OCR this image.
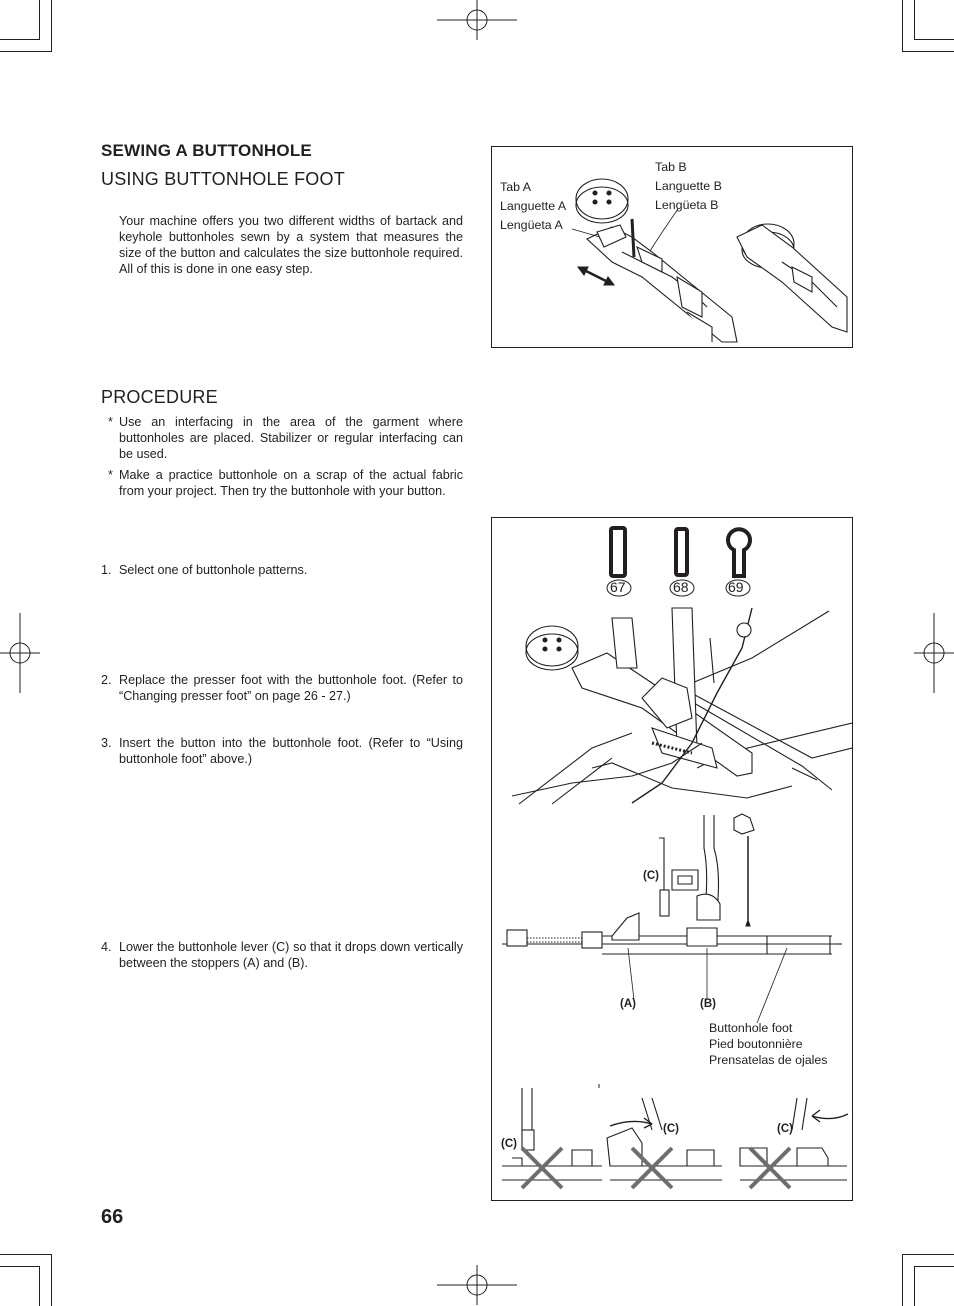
SEWING A BUTTONHOLE
USING BUTTONHOLE FOOT
Your machine offers you two different widths of bartack and keyhole buttonholes sewn by a system that measures the size of the button and calculates the size buttonhole required. All of this is done in one easy step.
Tab A
Languette A
Lengüeta A
Tab B
Languette B
Lengüeta B
PROCEDURE
* Use an interfacing in the area of the garment where buttonholes are placed. Stabilizer or regular interfacing can be used.
* Make a practice buttonhole on a scrap of the actual fabric from your project. Then try the buttonhole with your button.
1. Select one of buttonhole patterns.
2. Replace the presser foot with the buttonhole foot. (Refer to “Changing presser foot” on page 26 - 27.)
3. Insert the button into the buttonhole foot. (Refer to “Using buttonhole foot” above.)
4. Lower the buttonhole lever (C) so that it drops down vertically between the stoppers (A) and (B).
67	68	69
(C)
(A)	(B)
Buttonhole foot
Pied boutonnière
Prensatelas de ojales
(C)
(C)	(C)
66
